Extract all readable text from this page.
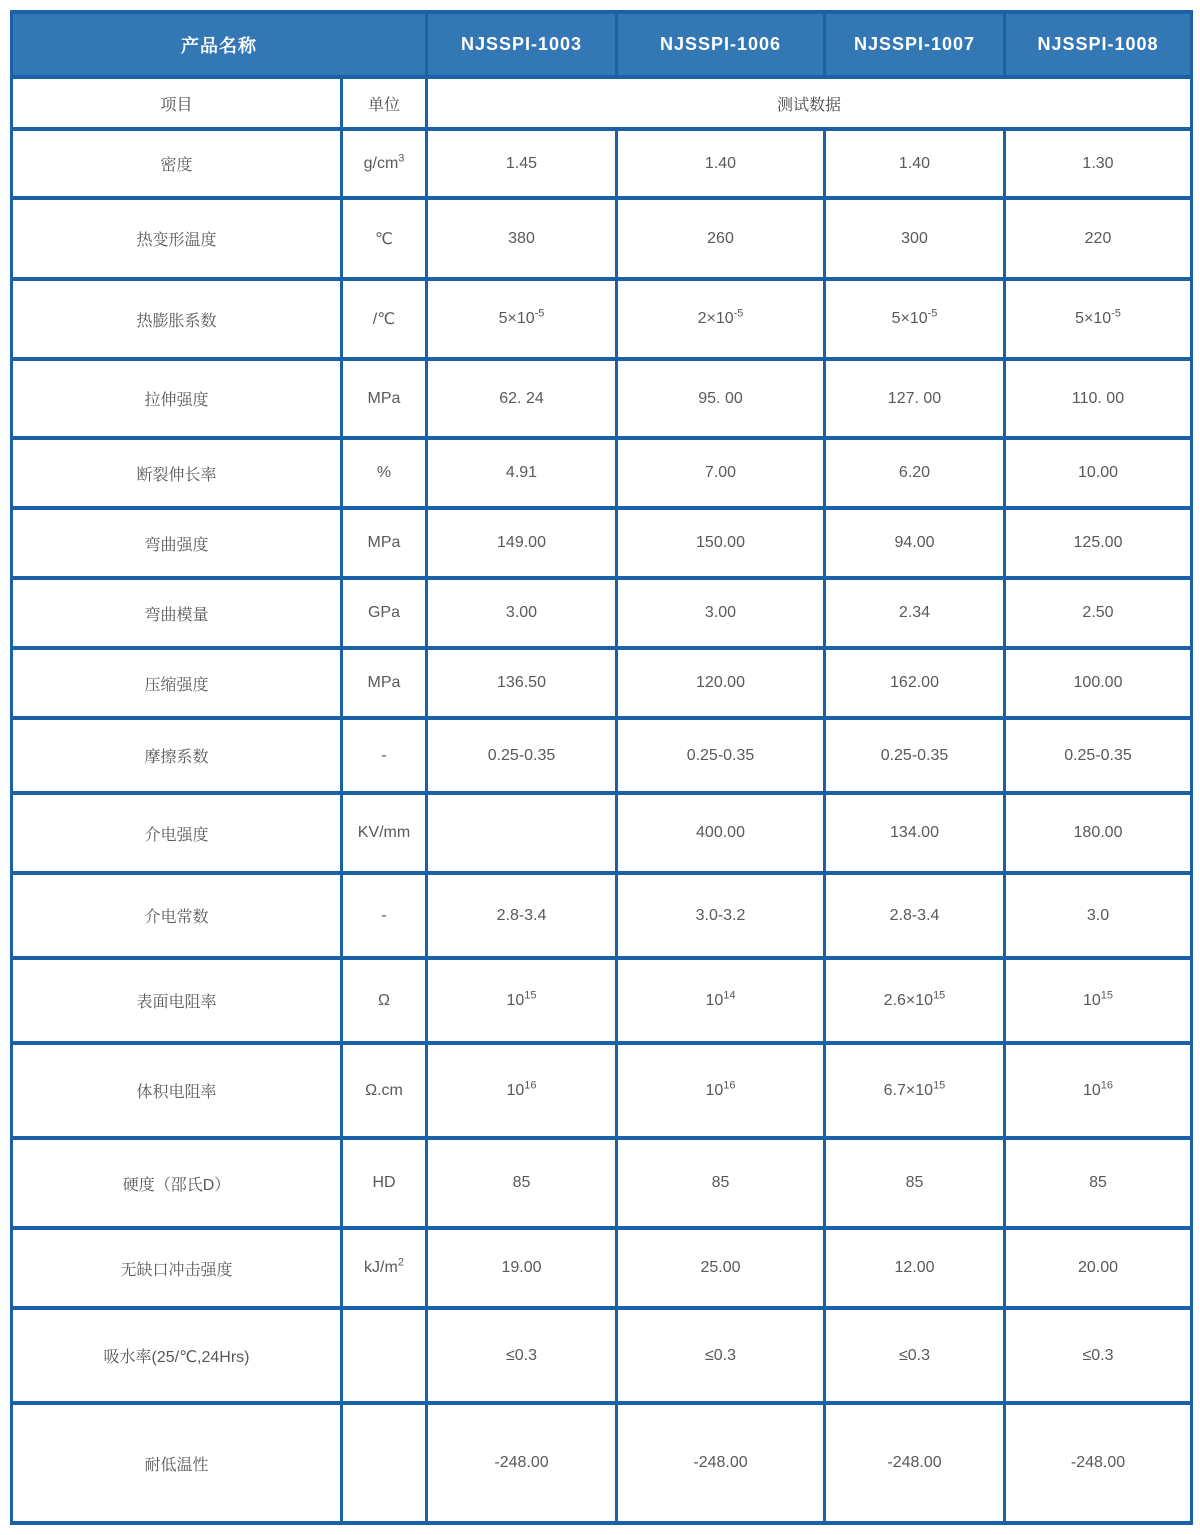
产品名称		NJSSPI-1003	NJSSPI-1006	NJSSPI-1007	NJSSPI-1008
项目	单位	测试数据			
密度	$g/cm^3$	1.45	1.40	1.40	1.30
热变形温度	℃	380	260	300	220
热膨胀系数	/℃	$5\times 10^{-5}$	$2\times 10^{-5}$	$5\times 10^{-5}$	$5\times 10^{-5}$
拉伸强度	MPa	62. 24	95. 00	127. 00	110. 00
断裂伸长率	%	4.91	7.00	6.20	10.00
弯曲强度	MPa	149.00	150.00	94.00	125.00
弯曲模量	GPa	3.00	3.00	2.34	2.50
压缩强度	MPa	136.50	120.00	162.00	100.00
摩擦系数	-	0.25-0.35	0.25-0.35	0.25-0.35	0.25-0.35
介电强度	KV/mm		400.00	134.00	180.00
介电常数	-	2.8-3.4	3.0-3.2	2.8-3.4	3.0
表面电阻率	Ω	$10^{15}$	$10^{14}$	$2.6\times 10^{15}$	$10^{15}$
体积电阻率	Ω.cm	$10^{16}$	$10^{16}$	$6.7\times 10^{15}$	$10^{16}$
硬度（邵氏D）	HD	85	85	85	85
无缺口冲击强度	$kJ/m^2$	19.00	25.00	12.00	20.00
吸水率(25/℃,24Hrs)		≤0.3	≤0.3	≤0.3	≤0.3
耐低温性		-248.00	-248.00	-248.00	-248.00
